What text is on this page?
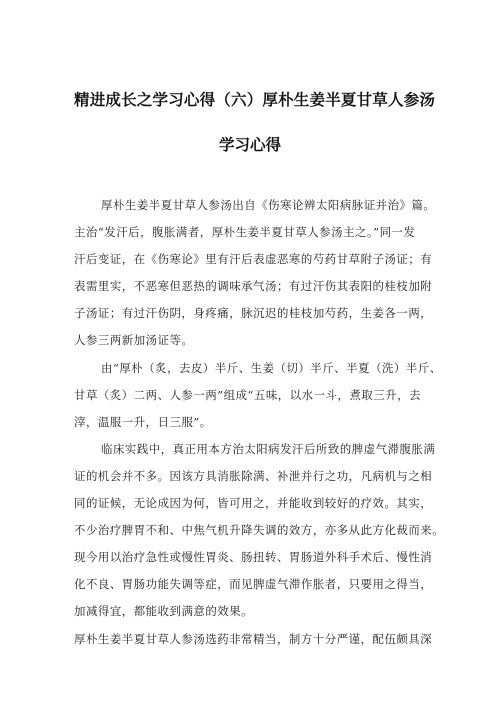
精进成长之学习心得（六）厚朴生姜半夏甘草人参汤
学习心得
厚朴生姜半夏甘草人参汤出自《伤寒论辨太阳病脉证并治》篇。
主治“发汗后，腹胀满者，厚朴生姜半夏甘草人参汤主之。”同一发
汗后变证，在《伤寒论》里有汗后表虚恶寒的芍药甘草附子汤证；有
表需里实，不恶寒但恶热的调味承气汤；有过汗伤其表阳的桂枝加附
子汤证；有过汗伤阴，身疼痛，脉沉迟的桂枝加芍药，生姜各一两，
人参三两新加汤证等。
由“厚朴（炙，去皮）半斤、生姜（切）半斤、半夏（洗）半斤、
甘草（炙）二两、人参一两”组成“五味，以水一斗，煮取三升，去
滓，温服一升，日三服”。
临床实践中，真正用本方治太阳病发汗后所致的脾虚气滞腹胀满
证的机会并不多。因该方具消胀除满、补泄并行之功，凡病机与之相
同的证候，无论成因为何，皆可用之，并能收到较好的疗效。其实，
不少治疗脾胃不和、中焦气机升降失调的效方，亦多从此方化裁而来。
现今用以治疗急性或慢性胃炎、肠扭转、胃肠道外科手术后、慢性消
化不良、胃肠功能失调等症，而见脾虚气滞作胀者，只要用之得当，
加减得宜，都能收到满意的效果。
厚朴生姜半夏甘草人参汤选药非常精当，制方十分严谨，配伍颇具深
